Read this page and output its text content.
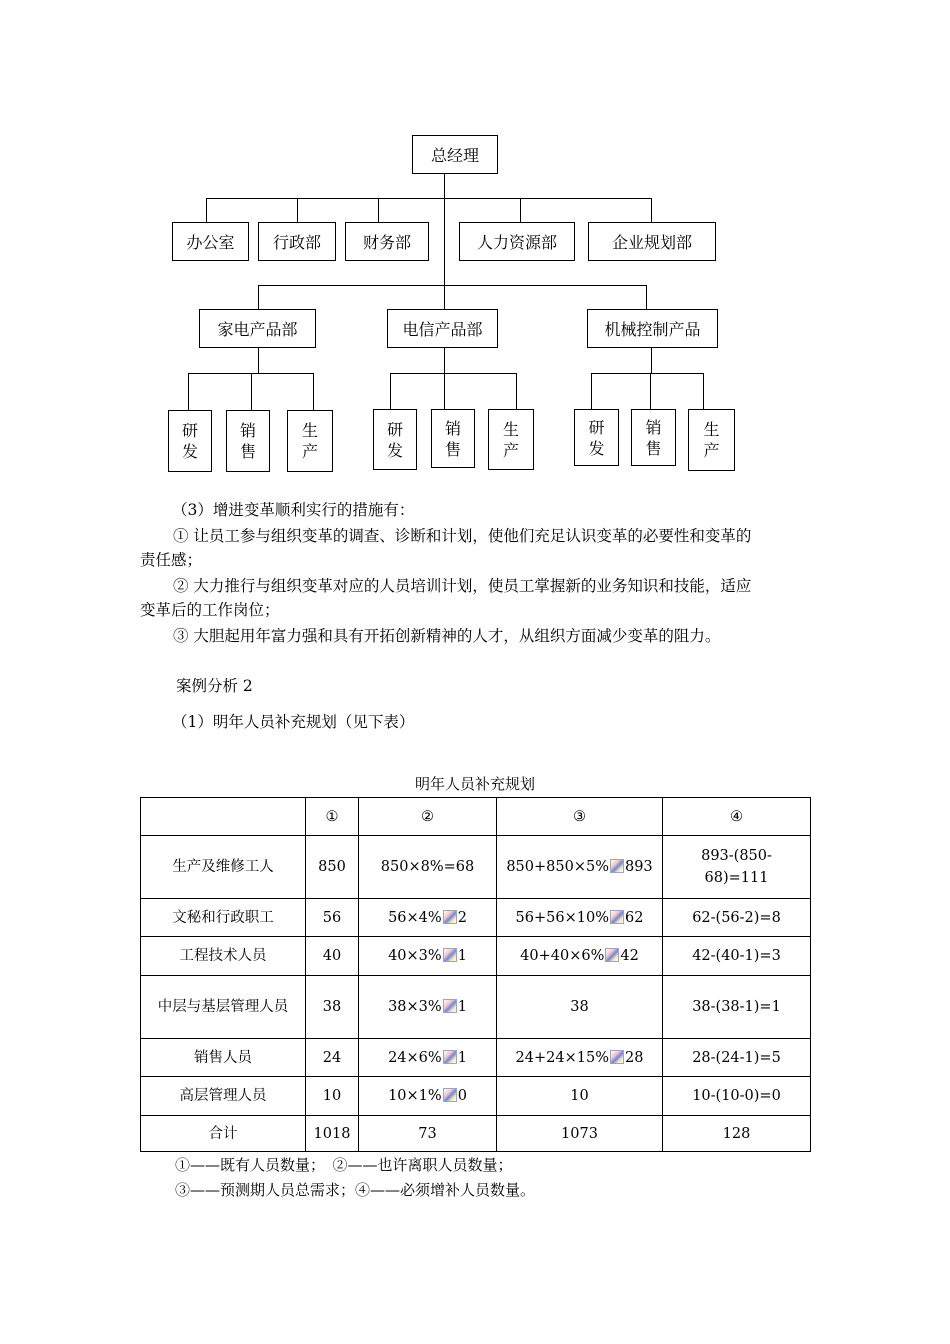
总经理
办公室	行政部	财务部	人力资源部	企业规划部
家电产品部	电信产品部	机械控制产品
研
发
销
售
生
产
研
发
销
售
生
产
研
发
销
售
生
产
（3）增进变革顺利实行的措施有：
① 让员工参与组织变革的调查、诊断和计划，使他们充足认识变革的必要性和变革的
责任感；
② 大力推行与组织变革对应的人员培训计划，使员工掌握新的业务知识和技能，适应
变革后的工作岗位；
③ 大胆起用年富力强和具有开拓创新精神的人才，从组织方面减少变革的阻力。
案例分析 2
（1）明年人员补充规划（见下表）
明年人员补充规划
	①	②	③	④
生产及维修工人	850	850×8%=68	850+850×5% 893	893-(850-68)=111
文秘和行政职工	56	56×4% 2	56+56×10% 62	62-(56-2)=8
工程技术人员	40	40×3% 1	40+40×6% 42	42-(40-1)=3
中层与基层管理人员	38	38×3% 1	38	38-(38-1)=1
销售人员	24	24×6% 1	24+24×15% 28	28-(24-1)=5
高层管理人员	10	10×1% 0	10	10-(10-0)=0
合计	1018	73	1073	128
①——既有人员数量；　②——也许离职人员数量；
③——预测期人员总需求；④——必须增补人员数量。
